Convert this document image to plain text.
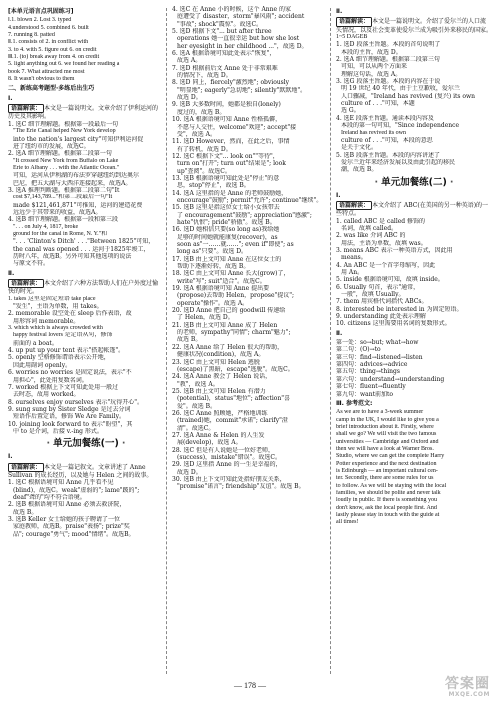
[本单元语言点巩固练习]
Ⅰ.1. blown 2. Lost 3. typed
4.understood 5. combined 6. built
7. running 8. patted
Ⅱ.1. consists of 2. in conflict with
3. to 4. with 5. figure out 6. on credit
Ⅲ.1. (to) break away from 4. on credit
5. light anything out 6. we found her reading a
book 7. What attracted me most
8. It wasn't obvious to them
二、新练高考题型·多练后出生巧
Ⅰ.
语篇解读： 本文是一篇说明文。文章介绍了伊利运河的历史及其影响。
1. 选C 细节理解题。根据第一段最后一句
"The Erie Canal helped New York develop
into the nation's largest city"可知伊利运河促
进了纽约市的发展，故选C。
2. 选A 细节理解题。根据第二段第一句
"It crossed New York from Buffalo on Lake
Erie to Albany . . . with the Atlantic Ocean."
可知，运河从伊利湖的布法罗穿越纽约到达奥尔
巴尼，把五大湖与大西洋连接起来，故选A。
3. 选A 推理判断题。根据第二段第二句"It
cost $7,143,789..."和第二段最后一句"It
made $121,461,871"可推知，运河的建造花费
远远少于其带来的收益，故选A。
4. 选B 细节理解题。根据第一段和第三段
". . . on July 4, 1817, broke
ground for the canal in Rome, N. Y."和
". . . 'Clinton's Ditch' . . ."Between 1825"可知，
the canal was opened . . . 运河于1825年竣工，
历时八年，故选B。另外可知其他选项的说法
与原文不符。
Ⅱ.
语篇解读： 本文介绍了六种方法帮助人们在户外度过愉快的时光。
1. takes 这里是固定短语 take place
"发生"，主语为单数，用 takes。
2. memorable 设空处在 sleep 后作表语，故
用形容词 memorable。
3. which which is always crowded with
happy festival lovers 是定语从句，修饰
前面的 a boat。
4. up put up your tent 表示"搭起帐篷"。
5. openly 空格修饰谓语表示公开地，
因此用副词 openly。
6. worries no worries 是固定说法，表示"不
用担心"，此处用复数名词。
7. worked 根据上下文可知此处用一般过
去时态，故用 worked。
8. ourselves enjoy ourselves 表示"玩得开心"。
9. sung sung by Sister Sledge 是过去分词
短语作后置定语，修饰 We Are Family。
10. joining look forward to 表示"盼望"，其
中 to 是介词，后接 v.-ing 形式。
· 单元加餐练(一) ·
Ⅰ.
语篇解读： 本文是一篇记叙文。文章讲述了 Anne Sullivan 的成长经历，以及她与 Helen 之间的故事。
1. 选C 根据语境可知 Anne 几乎看不见
(blind)，故选C。weak"虚弱的"; lame"跛的";
deaf"聋的"均不符合语境。
2. 选B 根据语境可知 Anne 必须去救济院，
故选 B。
3. 选B Keller 女士给她的孩子聘请了一位
家庭教师，故选B。praise"表扬"; prize"奖
品"; courage"勇气"; mood"情绪"。故选B。
4. 选C 在 Anne 小的时候，这个 Anne 的家
庭遭受了 disaster，storm"暴风雨"; accident
"事故"; shock"震惊"。故选C。
5. 选D 根据下文"... but after three
operations 她一直很幸运 but how she lost
her eyesight in her childhood ..."，故选 D。
6. 选A 根据语境可知此处表示"恢复"，
故选 A。
7. 选D 根据前后文 Anne 处于非常艰难
的情况下，故选 D。
8. 选D 同上，fiercely"激烈地"; obviously
"明显地"; eagerly"急切地"; silently"默默地"。
故选 D。
9. 选B 大多数时间，她都是独自(lonely)
度过的，故选 B。
10. 选A 根据语境可知 Anne 性格孤僻，
不愿与人交往，welcome"欢迎"; accept"接
受"，故选 A。
11. 选D However，然而，在此之后，事情
有了转机，故选 D。
12. 选C 根据下文"... look on""等待"，
turn on"打开"; turn out"结果是"; look
up"查阅"。故选C。
13. 选B 根据语境可知此处是"停止"的意
思，stop"停止"，故选 B。
14. 选A 这里指的是 Anne 的老师鼓励她，
encourage"鼓励"; permit"允许"; continue"继续"。
15. 选B 这里是指这位女士给小女孩带去
了 encouragement"鼓励"; appreciation"感激";
hate"仇恨"; pride"骄傲"。故选 B。
16. 选D 她相信只要(so long as)我给她
足够的时间她就能康复(recover)，as
soon as"一……就……"; even if"即使"; as
long as"只要"。故选 D。
17. 选B 由上文可知 Anne 在这位女士的
帮助下逐渐好转，故选 B。
18. 选C 由上文可知 Anne 长大(grow)了，
write"写"; suit"适合"。故选C。
19. 选A 根据语境可知 Anne 提出要
(propose)去帮助 Helen，propose"提议";
operate"操作"。故选 A。
20. 选D Anne 把自己的 goodwill 传递给
了 Helen，故选 D。
21. 选B 由上文可知 Anne 成了 Helen
的老师，sympathy"同情"; charm"魅力";
故选 B。
22. 选A Anne 给了 Helen 很大的帮助，
健康状况(condition)，故选 A。
23. 选C 由上文可知 Helen 逃脱
(escape)了黑暗，escape"逃脱"。故选C。
24. 选A Anne 教会了 Helen 说话，
"教"，故选 A。
25. 选B 由上文可知 Helen 有潜力
(potential)，status"地位"; affection"喜
爱"。故选 B。
26. 选C Anne 照顾她，严格地训练
(trained)她，commit"承诺"; clarify"澄
清"。故选C。
27. 选A Anne & Helen 的人生发
展(develop)，故选 A。
28. 选C 但是有人说她是一位好老师，
(success)，mistake"错误"。故选C。
29. 选D 这里指 Anne 的一生是幸福的，
故选 D。
30. 选B 由上下文可知此处指好朋友关系，
"promise"诺言"; friendship"友谊"。故选 B。
Ⅱ.
语篇解读： 本文是一篇说明文。介绍了爱尔兰的人口流失情况，以及社会变革使爱尔兰成为吸引外来移民的国家。
1~5 DAGEB
1. 选D 段落主旨题。本段的首句说明了
本段的主旨，故选 D。
2. 选A 细节理解题。根据第二段第三句
可知，可以从两个方面来
理解这句话，故选 A。
3. 选G 段落主旨题。本段的内容在于说
明 19 世纪 40 年代，由于土豆歉收，爱尔兰
人口骤减，"Ireland has revived (复兴) its own
culture of . . ."可知，本题
选 G。
4. 选E 段落主旨题。通读本段内容及
本段的第一句可知，"Since independence
Ireland has revived its own
culture of . . ."可知，本段的意思
是关于文化。
5. 选B 段落主旨题。本段的内容讲述了
爱尔兰近年来经济发展以及由此引起的移民
潮，故选 B。
· 单元加餐练(二) ·
Ⅰ.
语篇解读： 本文介绍了 ABC(在美国的另一种英语)的一些特点。
1. called ABC 是 called 修饰的
名词，故填 called。
2. was like 介词 ABC 的
用法，主语为单数，故填 was。
3. means ABC 表示一种英语方式，因此用
means。
4. An ABC 是一个首字母缩写，因此
用 An。
5. inside 根据语境可知，故填 inside。
6. Usually 句首，表示"通常，
一般"，故填 Usually。
7. them 用宾格代词指代 ABCs。
8. interested be interested in 为固定短语。
9. understanding 此处表示理解
10. citizens 这里需要用名词的复数形式。
Ⅱ.
第一处：so→but; what→how
第二句：(O)→to
第三句：find→listened→listen
第四句：advices→advice
第五句：thing→things
第六句：understand→understanding
第七句：fluent→fluently
第九句：want前加to
Ⅲ. 参考范文:
As we are to have a 3-week summer
camp in the UK, I would like to give you a
brief introduction about it. Firstly, where
shall we go? We will visit the two famous
universities — Cambridge and Oxford and
then we will have a look at Warner Bros.
Studio, where we can get the complete Harry
Potter experience and the next destination
is Edinburgh — an important cultural cen-
ter. Secondly, there are some rules for us
to follow. As we will be staying with the local
families, we should be polite and never talk
loudly in public. If there is something you
don't know, ask the local people first. And
lastly please stay in touch with the guide at
all times!
— 178 —	答案圈
MXQE.COM
